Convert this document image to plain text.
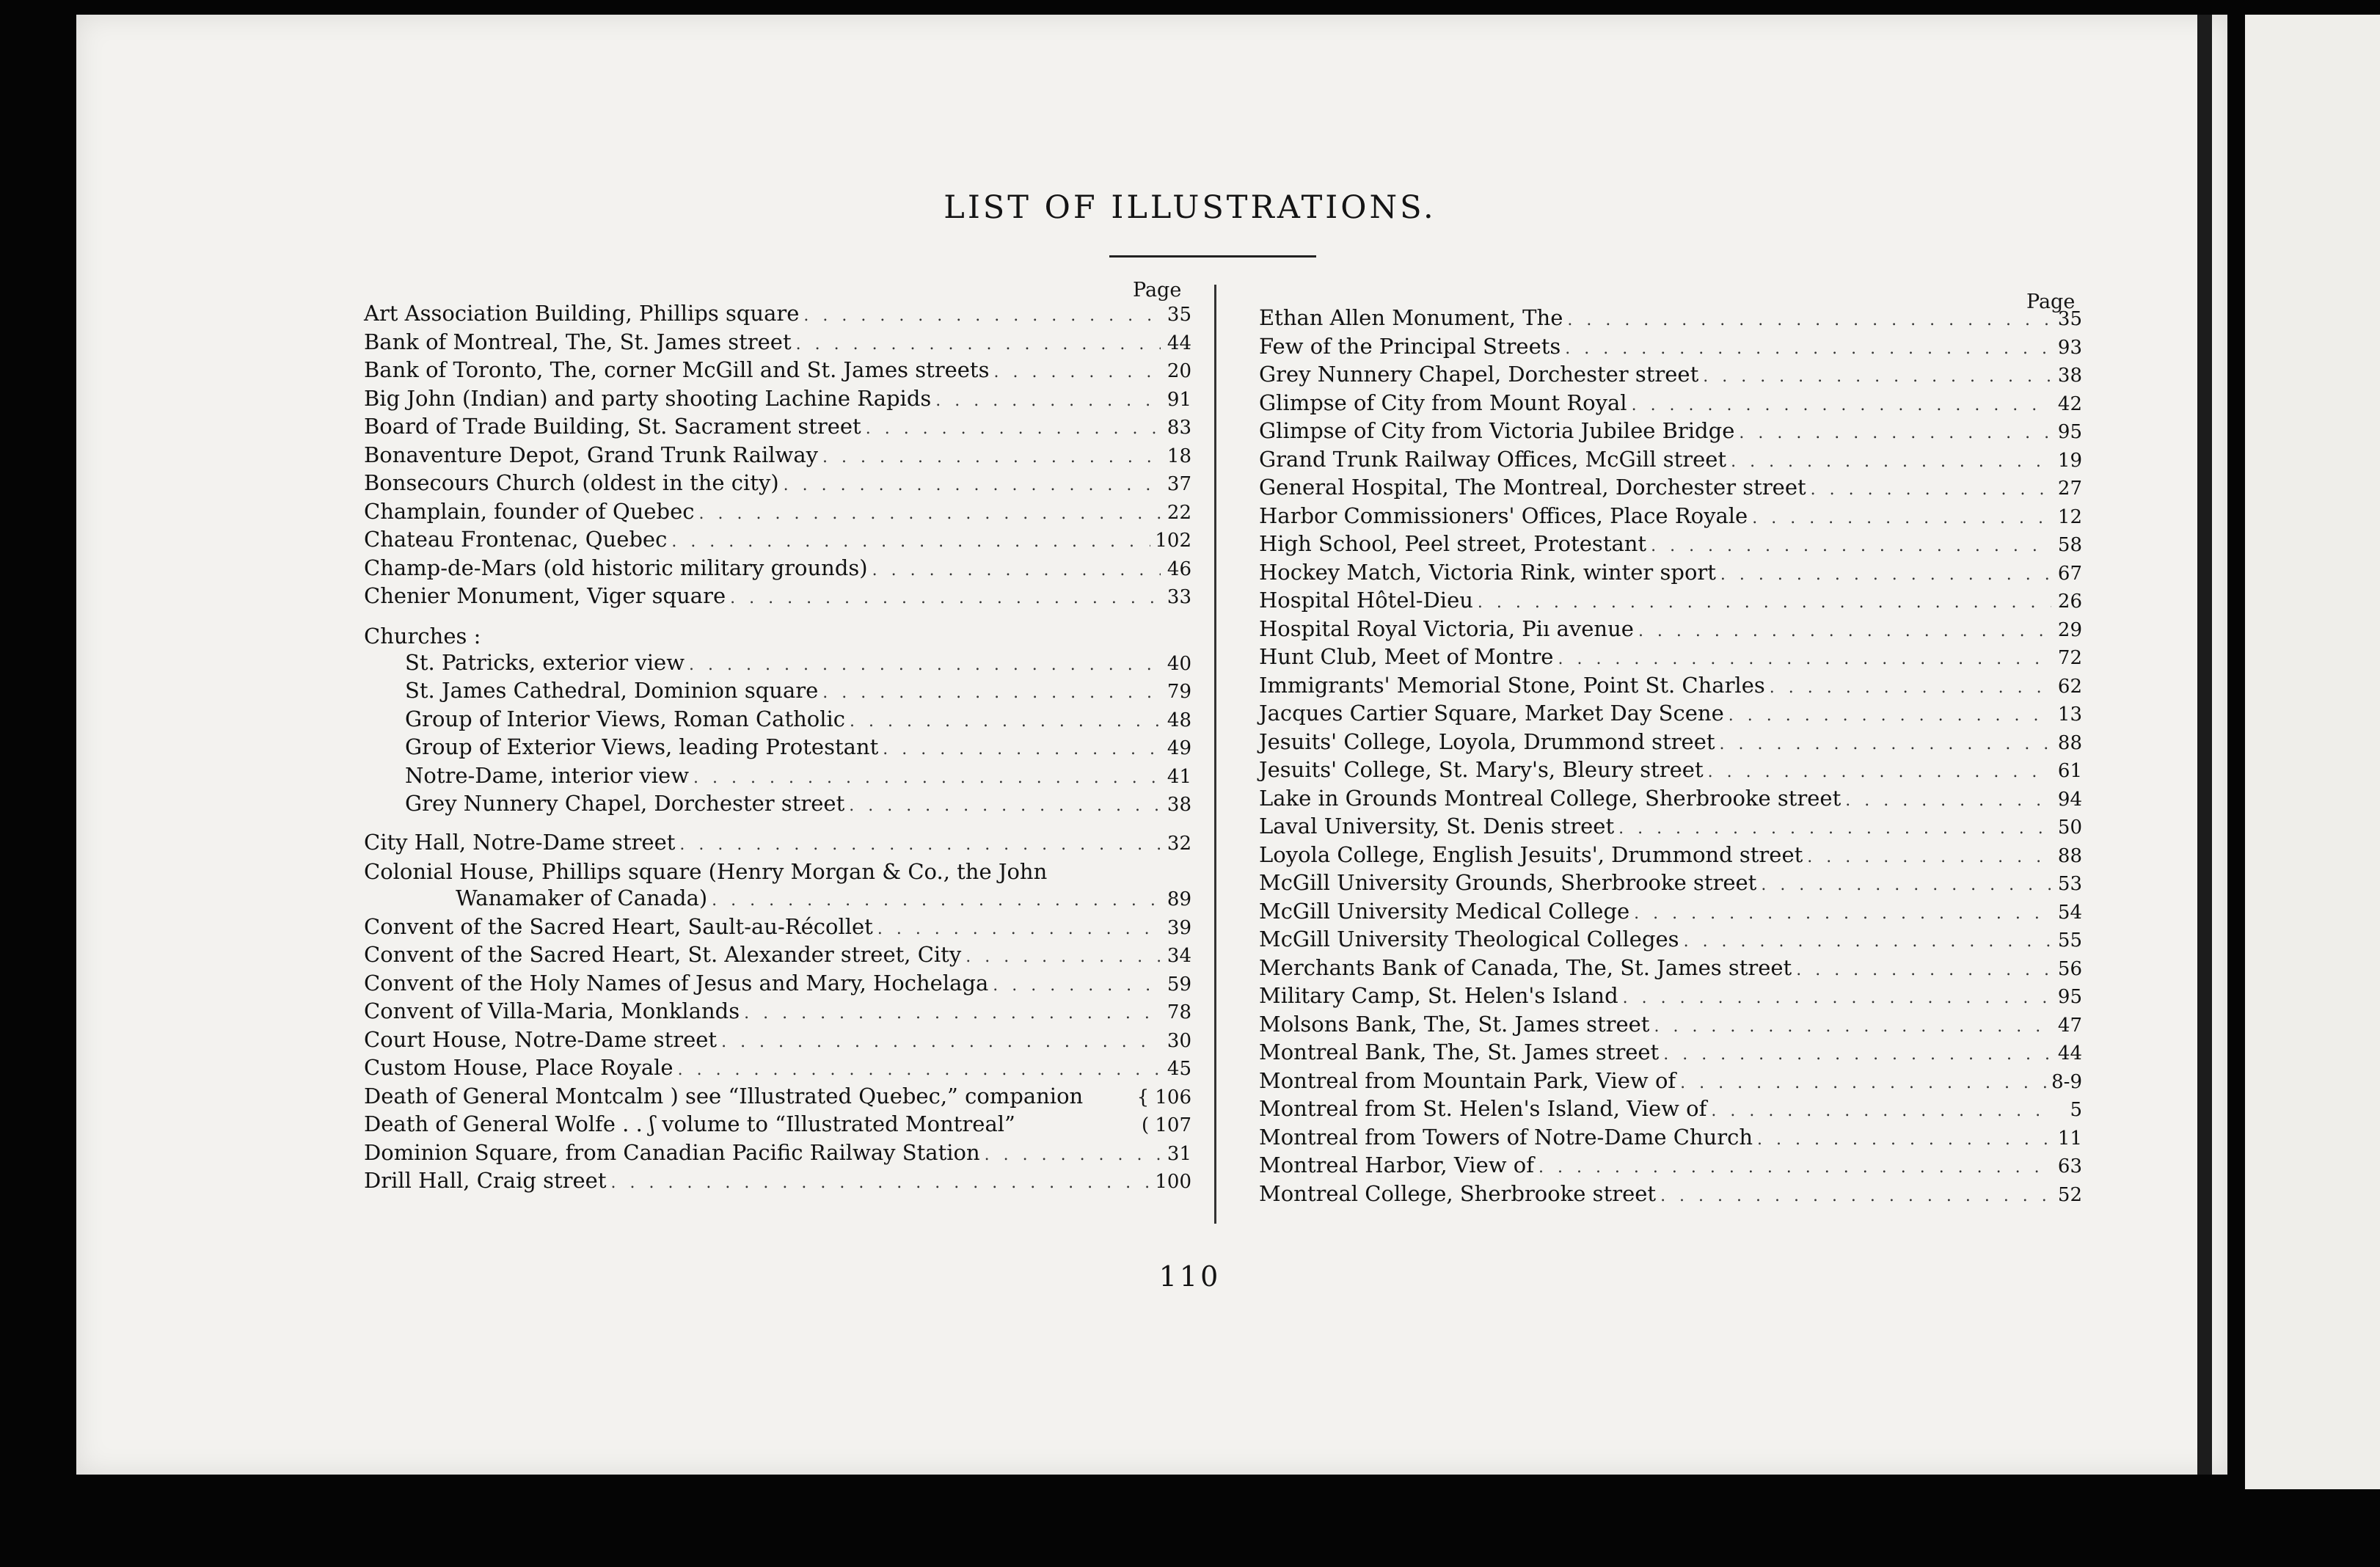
LIST OF ILLUSTRATIONS.
Page
Page
Art Association Building, Phillips square . . .	35
Bank of Montreal, The, St. James street . . .	44
Bank of Toronto, The, corner McGill and St. James streets . . .	20
Big John (Indian) and party shooting Lachine Rapids . . .	91
Board of Trade Building, St. Sacrament street . . .	83
Bonaventure Depot, Grand Trunk Railway . . .	18
Bonsecours Church (oldest in the city) . . .	37
Champlain, founder of Quebec . . .	22
Chateau Frontenac, Quebec . . .	102
Champ-de-Mars (old historic military grounds) . . .	46
Chenier Monument, Viger square . . .	33
Churches :
St. Patricks, exterior view . . .	40
St. James Cathedral, Dominion square . . .	79
Group of Interior Views, Roman Catholic . . .	48
Group of Exterior Views, leading Protestant . . .	49
Notre-Dame, interior view . . .	41
Grey Nunnery Chapel, Dorchester street . . .	38
City Hall, Notre-Dame street . . .	32
Colonial House, Phillips square (Henry Morgan & Co., the John
Wanamaker of Canada) . . .	89
Convent of the Sacred Heart, Sault-au-Récollet . . .	39
Convent of the Sacred Heart, St. Alexander street, City . . .	34
Convent of the Holy Names of Jesus and Mary, Hochelaga . . .	59
Convent of Villa-Maria, Monklands . . .	78
Court House, Notre-Dame street . . .	30
Custom House, Place Royale . . .	45
Death of General Montcalm ) see “Illustrated Quebec,” companion	{ 106
Death of General Wolfe . . ʃ volume to “Illustrated Montreal”	( 107
Dominion Square, from Canadian Pacific Railway Station . . .	31
Drill Hall, Craig street . . .	100
Ethan Allen Monument, The . . .	35
Few of the Principal Streets . . .	93
Grey Nunnery Chapel, Dorchester street . . .	38
Glimpse of City from Mount Royal . . .	42
Glimpse of City from Victoria Jubilee Bridge . . .	95
Grand Trunk Railway Offices, McGill street . . .	19
General Hospital, The Montreal, Dorchester street . . .	27
Harbor Commissioners' Offices, Place Royale . . .	12
High School, Peel street, Protestant . . .	58
Hockey Match, Victoria Rink, winter sport . . .	67
Hospital Hôtel-Dieu . . .	26
Hospital Royal Victoria, Piı avenue . . .	29
Hunt Club, Meet of Montre . . .	72
Immigrants' Memorial Stone, Point St. Charles . . .	62
Jacques Cartier Square, Market Day Scene . . .	13
Jesuits' College, Loyola, Drummond street . . .	88
Jesuits' College, St. Mary's, Bleury street . . .	61
Lake in Grounds Montreal College, Sherbrooke street . . .	94
Laval University, St. Denis street . . .	50
Loyola College, English Jesuits', Drummond street . . .	88
McGill University Grounds, Sherbrooke street . . .	53
McGill University Medical College . . .	54
McGill University Theological Colleges . . .	55
Merchants Bank of Canada, The, St. James street . . .	56
Military Camp, St. Helen's Island . . .	95
Molsons Bank, The, St. James street . . .	47
Montreal Bank, The, St. James street . . .	44
Montreal from Mountain Park, View of . . .	8-9
Montreal from St. Helen's Island, View of . . .	5
Montreal from Towers of Notre-Dame Church . . .	11
Montreal Harbor, View of . . .	63
Montreal College, Sherbrooke street . . .	52
110
